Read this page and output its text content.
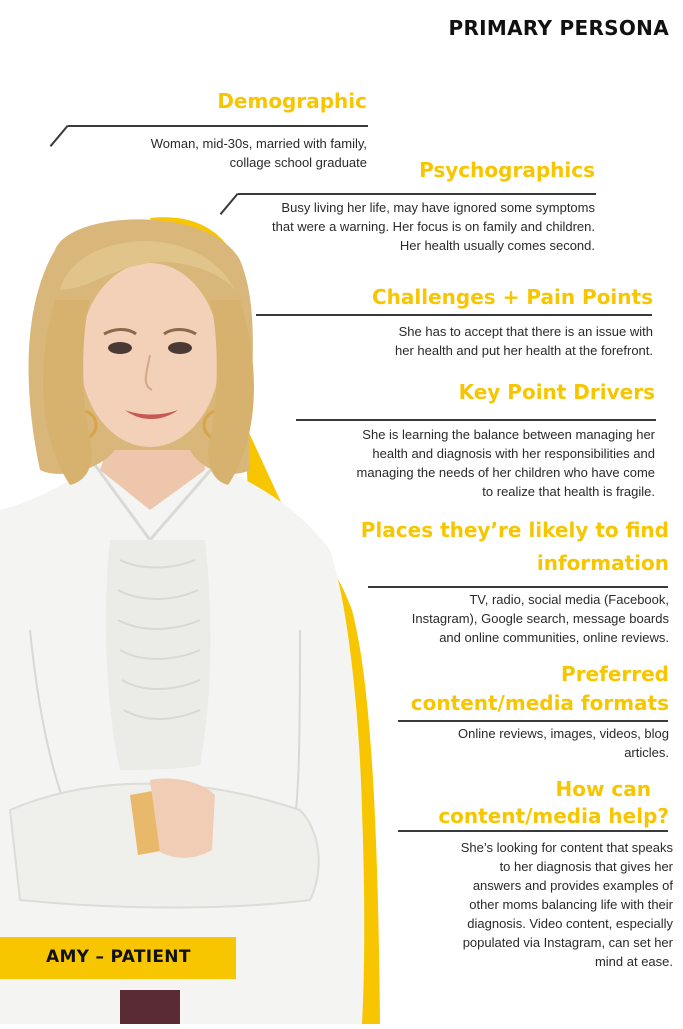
PRIMARY PERSONA
Demographic
Woman, mid-30s, married with family,
collage school graduate	Psychographics
Busy living her life, may have ignored some symptoms
that were a warning. Her focus is on family and children.
Her health usually comes second.
Challenges + Pain Points
She has to accept that there is an issue with
her health and put her health at the forefront.
Key Point Drivers
She is learning the balance between managing her
health and diagnosis with her responsibilities and
managing the needs of her children who have come
to realize that health is fragile.
Places they’re likely to find
information
TV, radio, social media (Facebook,
Instagram), Google search, message boards
and online communities, online reviews.
Preferred
content/media formats
Online reviews, images, videos, blog
articles.
How can
content/media help?
She’s looking for content that speaks
to her diagnosis that gives her
answers and provides examples of
other moms balancing life with their
diagnosis. Video content, especially
populated via Instagram, can set her
mind at ease.
AMY – PATIENT
